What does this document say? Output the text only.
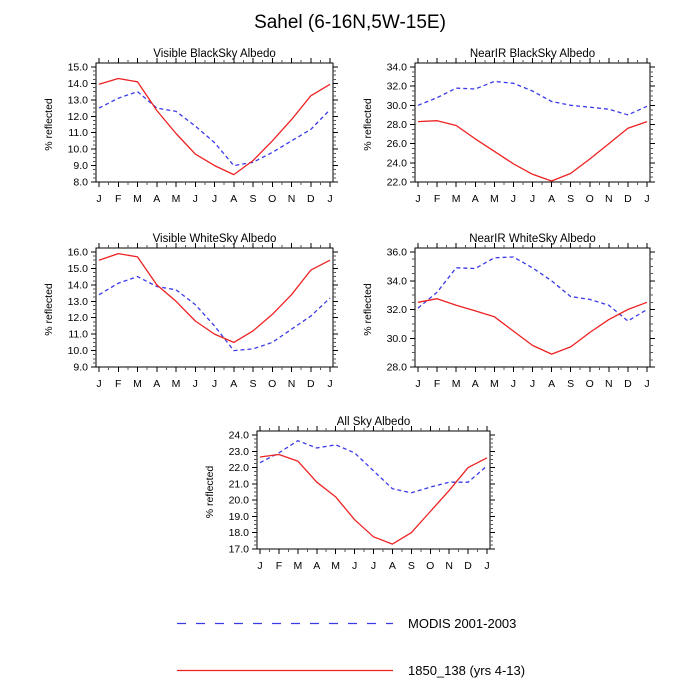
Sahel (6-16N,5W-15E)
8.0
9.0
10.0
11.0
12.0
13.0
14.0
15.0
J F M A M J J A S O N D J
Visible BlackSky Albedo
% reflected
22.0
24.0
26.0
28.0
30.0
32.0
34.0
J F M A M J J A S O N D J
NearIR BlackSky Albedo
% reflected
9.0
10.0
11.0
12.0
13.0
14.0
15.0
16.0
J F M A M J J A S O N D J
Visible WhiteSky Albedo
% reflected
28.0
30.0
32.0
34.0
36.0
J F M A M J J A S O N D J
NearIR WhiteSky Albedo
% reflected
17.0
18.0
19.0
20.0
21.0
22.0
23.0
24.0
J F M A M J J A S O N D J
All Sky Albedo
% reflected
MODIS 2001-2003
1850_138 (yrs 4-13)
